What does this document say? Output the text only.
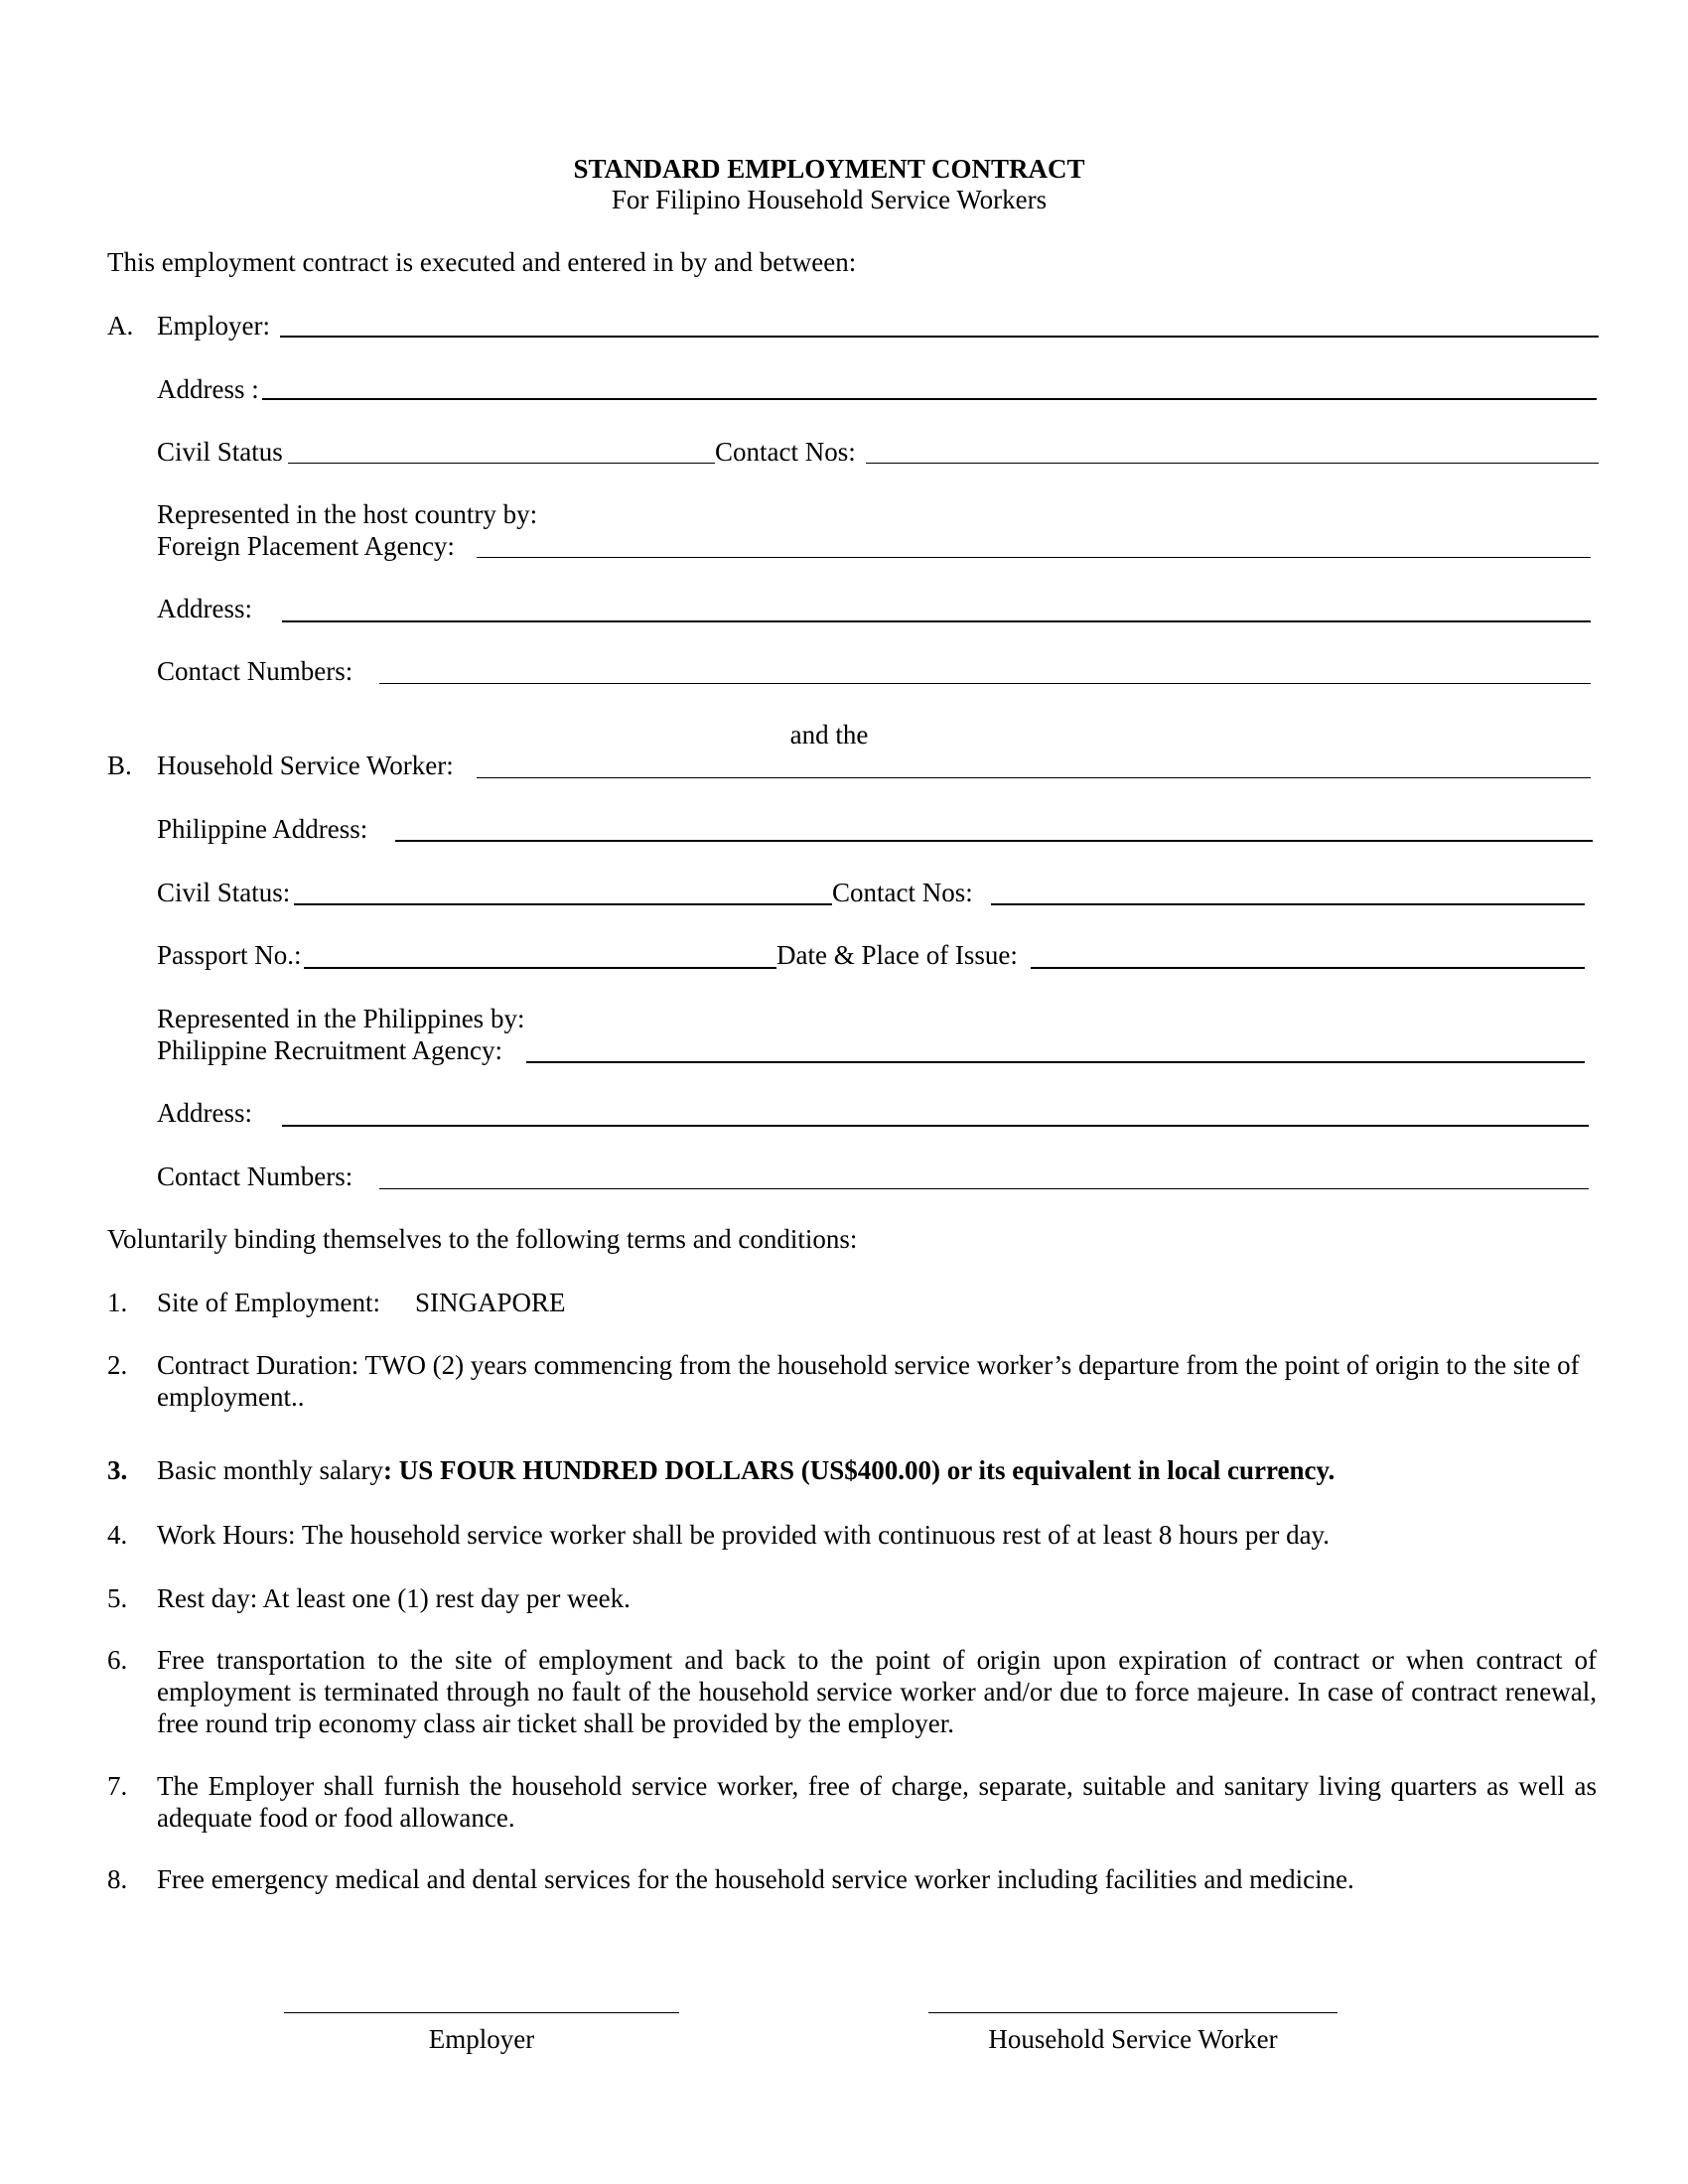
STANDARD EMPLOYMENT CONTRACT
For Filipino Household Service Workers
This employment contract is executed and entered in by and between:
A. Employer:
Address :
Civil Status	Contact Nos:
Represented in the host country by:
Foreign Placement Agency:
Address:
Contact Numbers:
and the
B. Household Service Worker:
Philippine Address:
Civil Status:	Contact Nos:
Passport No.:	Date & Place of Issue:
Represented in the Philippines by:
Philippine Recruitment Agency:
Address:
Contact Numbers:
Voluntarily binding themselves to the following terms and conditions:
1. Site of Employment: SINGAPORE
2. Contract Duration: TWO (2) years commencing from the household service worker’s departure from the point of origin to the site of employment..
3. Basic monthly salary: US FOUR HUNDRED DOLLARS (US$400.00) or its equivalent in local currency.
4. Work Hours: The household service worker shall be provided with continuous rest of at least 8 hours per day.
5. Rest day: At least one (1) rest day per week.
6. Free transportation to the site of employment and back to the point of origin upon expiration of contract or when contract of employment is terminated through no fault of the household service worker and/or due to force majeure. In case of contract renewal, free round trip economy class air ticket shall be provided by the employer.
7. The Employer shall furnish the household service worker, free of charge, separate, suitable and sanitary living quarters as well as adequate food or food allowance.
8. Free emergency medical and dental services for the household service worker including facilities and medicine.
Employer	Household Service Worker
